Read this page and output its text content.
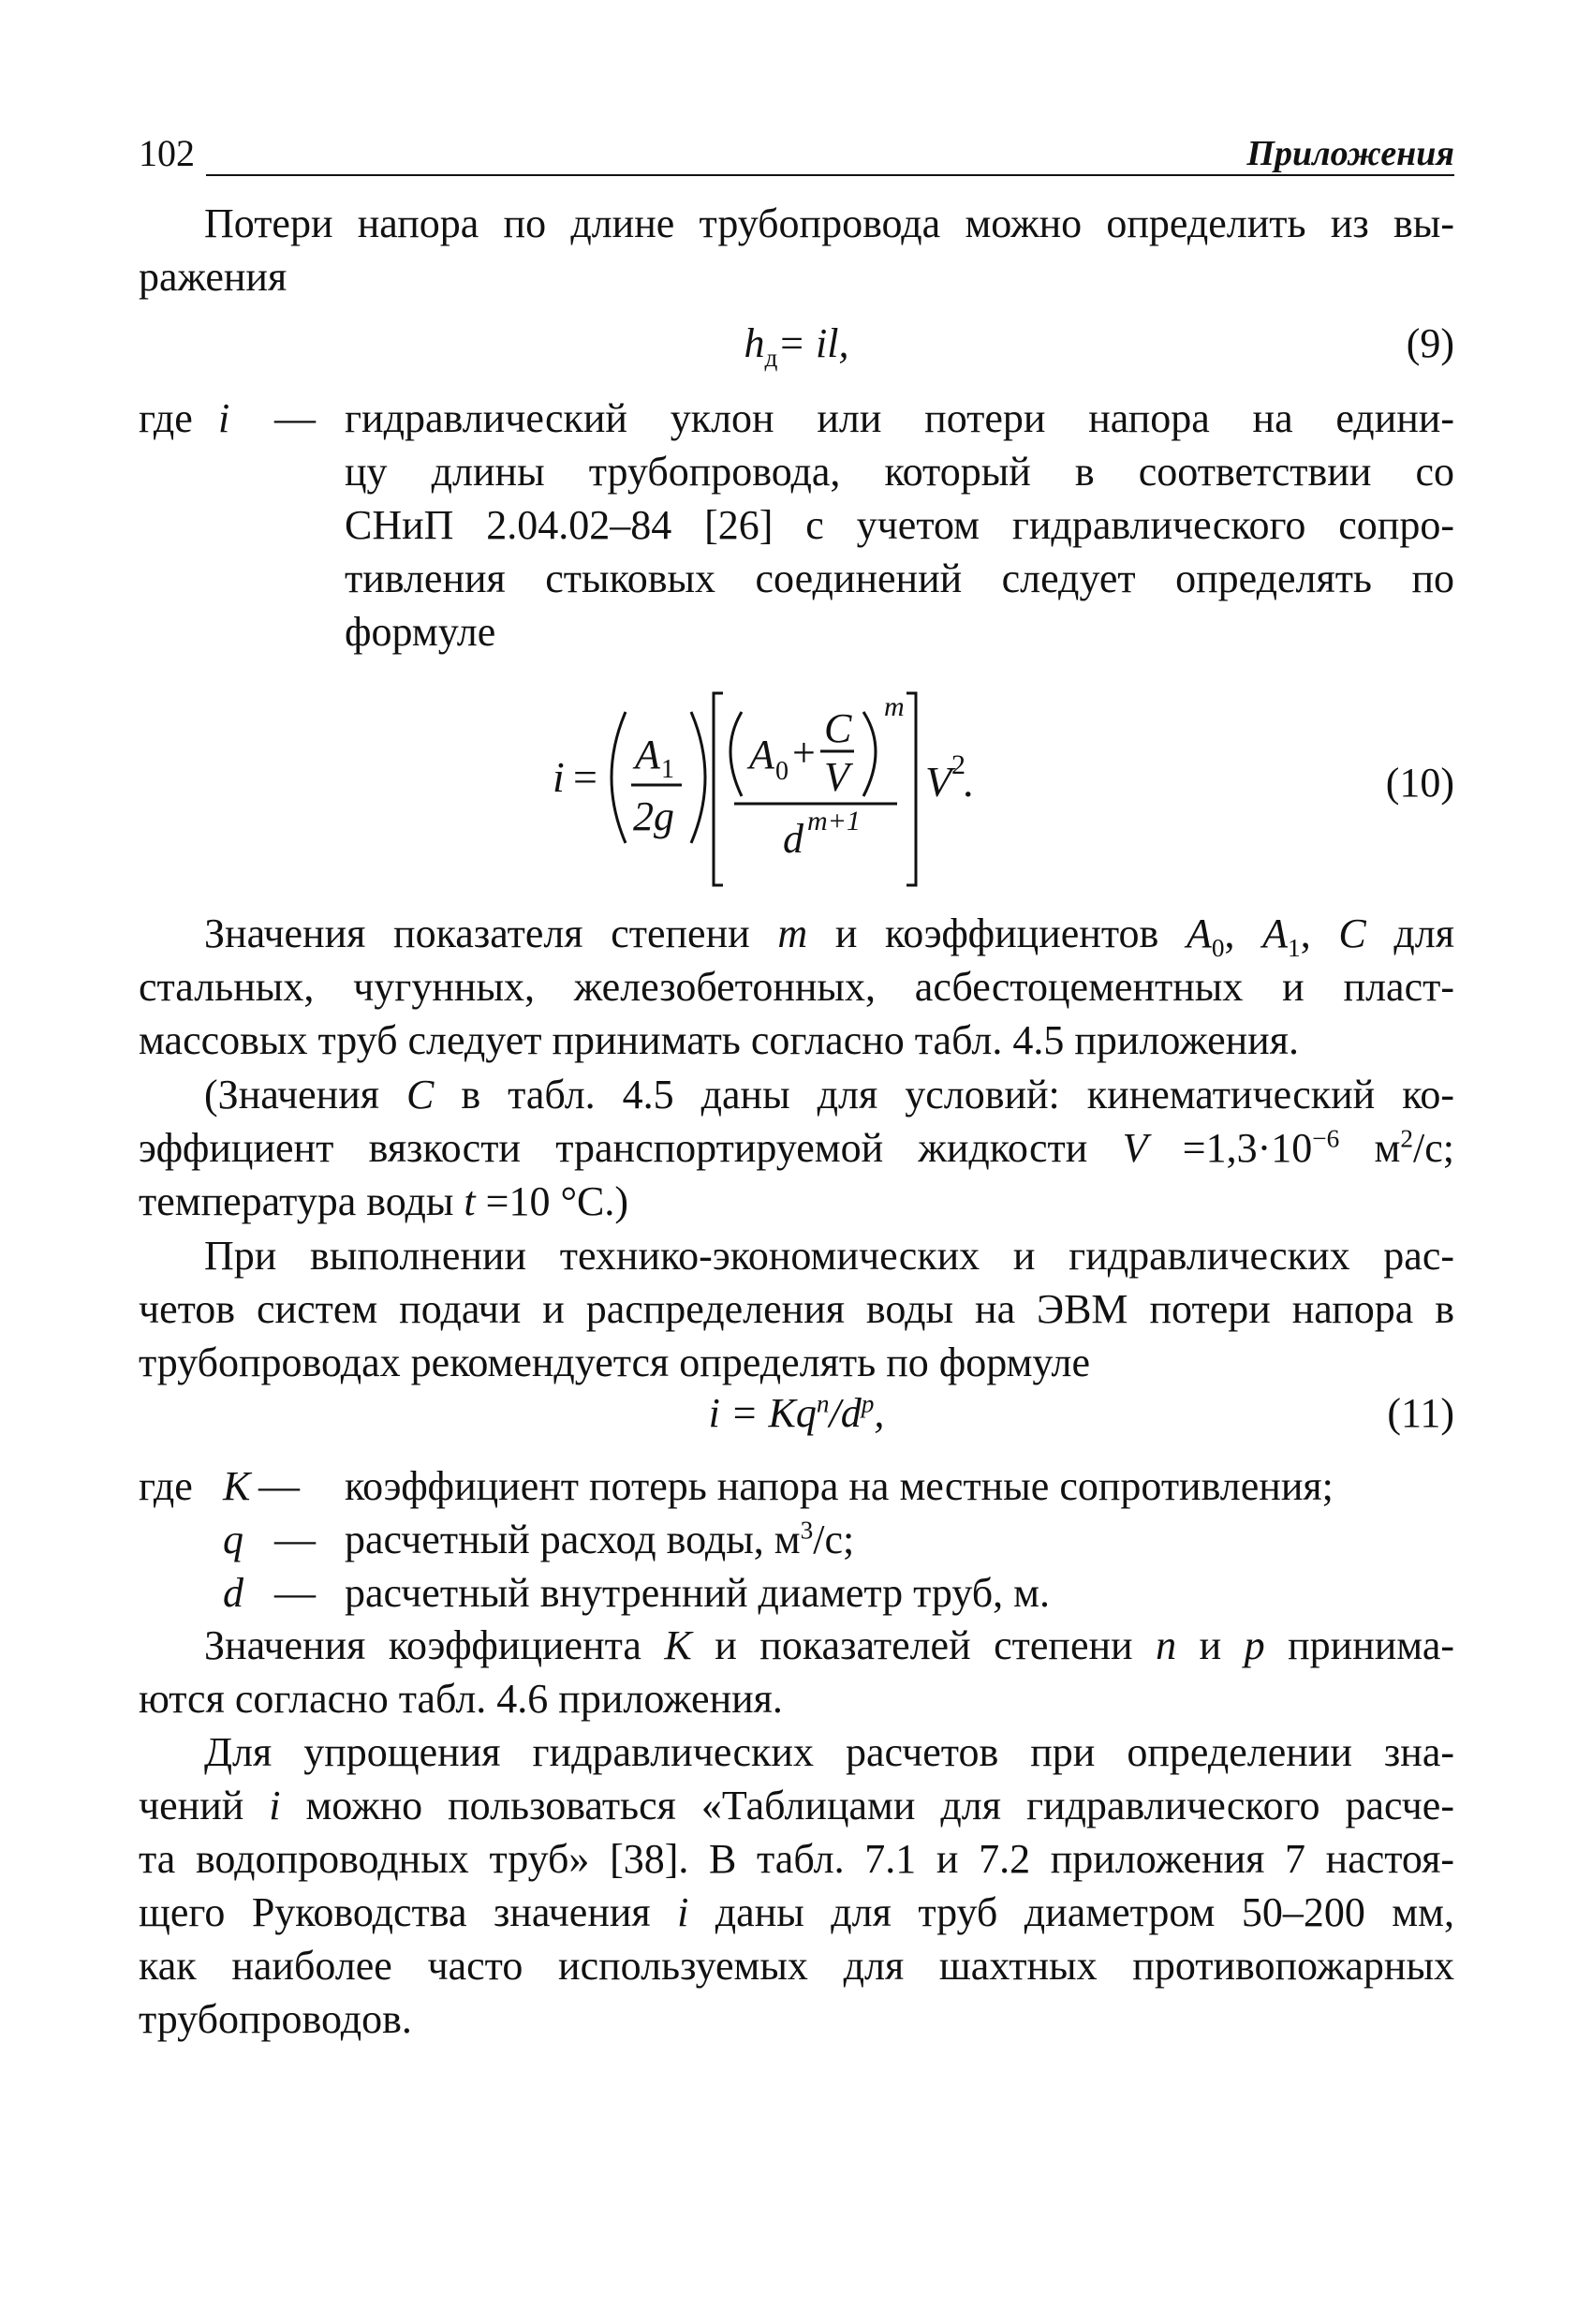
102	Приложения
Потери напора по длине трубопровода можно определить из вы-
ражения
$h_д=$ il,	(9)
где i — гидравлический уклон или потери напора на едини-
цу длины трубопровода, который в соответствии со
СНиП 2.04.02–84 [26] с учетом гидравлического сопро-
тивления стыковых соединений следует определять по
формуле
i = A 1
2g
A 0 +
C
V
m
d m+1
V 2
.	(10)
Значения показателя степени m и коэффициентов $A_0$, $A_1$, C для
стальных, чугунных, железобетонных, асбестоцементных и пласт-
массовых труб следует принимать согласно табл. 4.5 приложения.
(Значения C в табл. 4.5 даны для условий: кинематический ко-
эффициент вязкости транспортируемой жидкости $V =1,3\cdot 10^{-6}$ $м^2/с$;
температура воды t =10 °С.)
При выполнении технико-экономических и гидравлических рас-
четов систем подачи и распределения воды на ЭВМ потери напора в
трубопроводах рекомендуется определять по формуле
$i = Kq^n/d^p$,	(11)
где K — коэффициент потерь напора на местные сопротивления;
q — расчетный расход воды, $м^3/с$;
d — расчетный внутренний диаметр труб, м.
Значения коэффициента K и показателей степени n и p принима-
ются согласно табл. 4.6 приложения.
Для упрощения гидравлических расчетов при определении зна-
чений i можно пользоваться «Таблицами для гидравлического расче-
та водопроводных труб» [38]. В табл. 7.1 и 7.2 приложения 7 настоя-
щего Руководства значения i даны для труб диаметром 50–200 мм,
как наиболее часто используемых для шахтных противопожарных
трубопроводов.
